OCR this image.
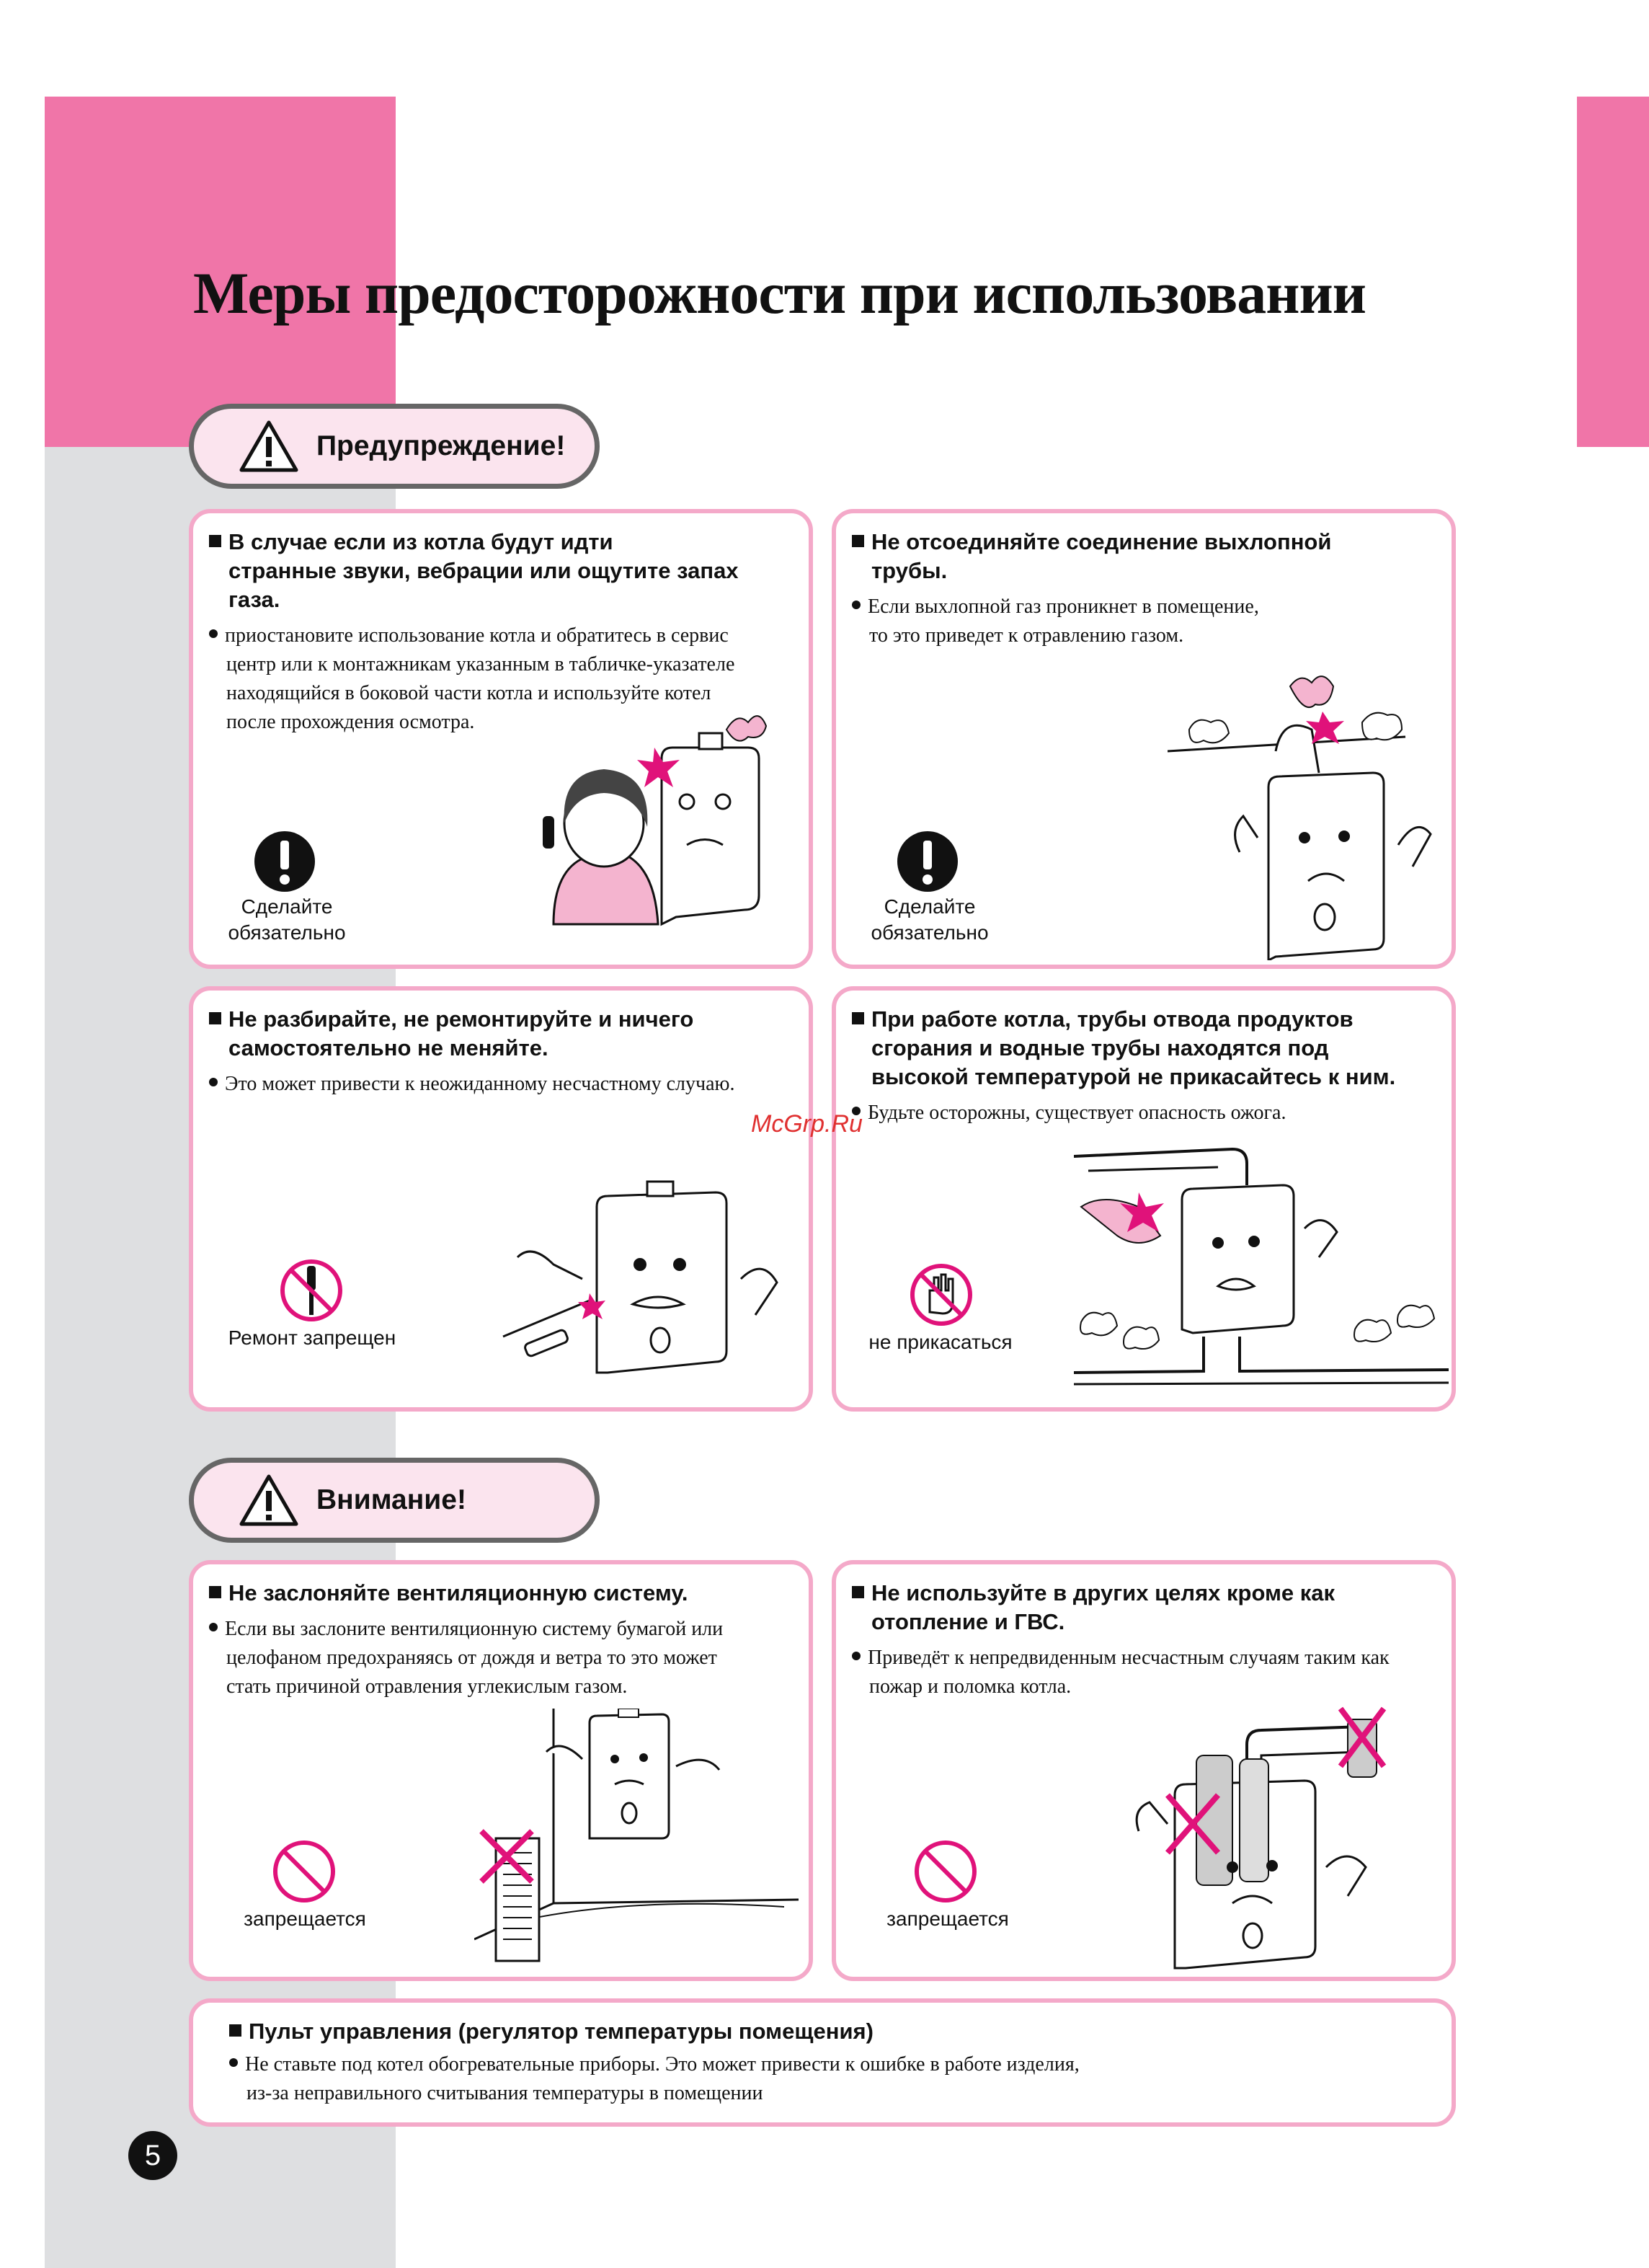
Меры предосторожности при использовании
Предупреждение!
В случае если из котла будут идти
странные звуки, вебрации или ощутите запах
газа.
приостановите использование котла и обратитесь в сервис
центр или к монтажникам указанным в табличке-указателе
находящийся в боковой части котла и используйте котел
после прохождения осмотра.
Сделайте
обязательно
Не отсоединяйте соединение выхлопной
трубы.
Если выхлопной газ проникнет в помещение,
то это приведет к отравлению газом.
Сделайте
обязательно
Не разбирайте, не ремонтируйте и ничего
самостоятельно не меняйте.
Это может привести к неожиданному несчастному случаю.
Ремонт запрещен
При работе котла, трубы отвода продуктов
сгорания и водные трубы находятся под
высокой температурой не прикасайтесь к ним.
Будьте осторожны, существует опасность ожога.
не прикасаться
Внимание!
Не заслоняйте вентиляционную систему.
Если вы заслоните вентиляционную систему бумагой или
целофаном предохраняясь от дождя и ветра то это может
стать причиной отравления углекислым газом.
запрещается
Не используйте в других целях кроме как
отопление и ГВС.
Приведёт к непредвиденным несчастным случаям таким как
пожар и поломка котла.
запрещается
Пульт управления (регулятор температуры помещения)
Не ставьте под котел обогревательные приборы. Это может привести к ошибке в работе изделия,
из-за неправильного считывания температуры в помещении
McGrp.Ru
5
